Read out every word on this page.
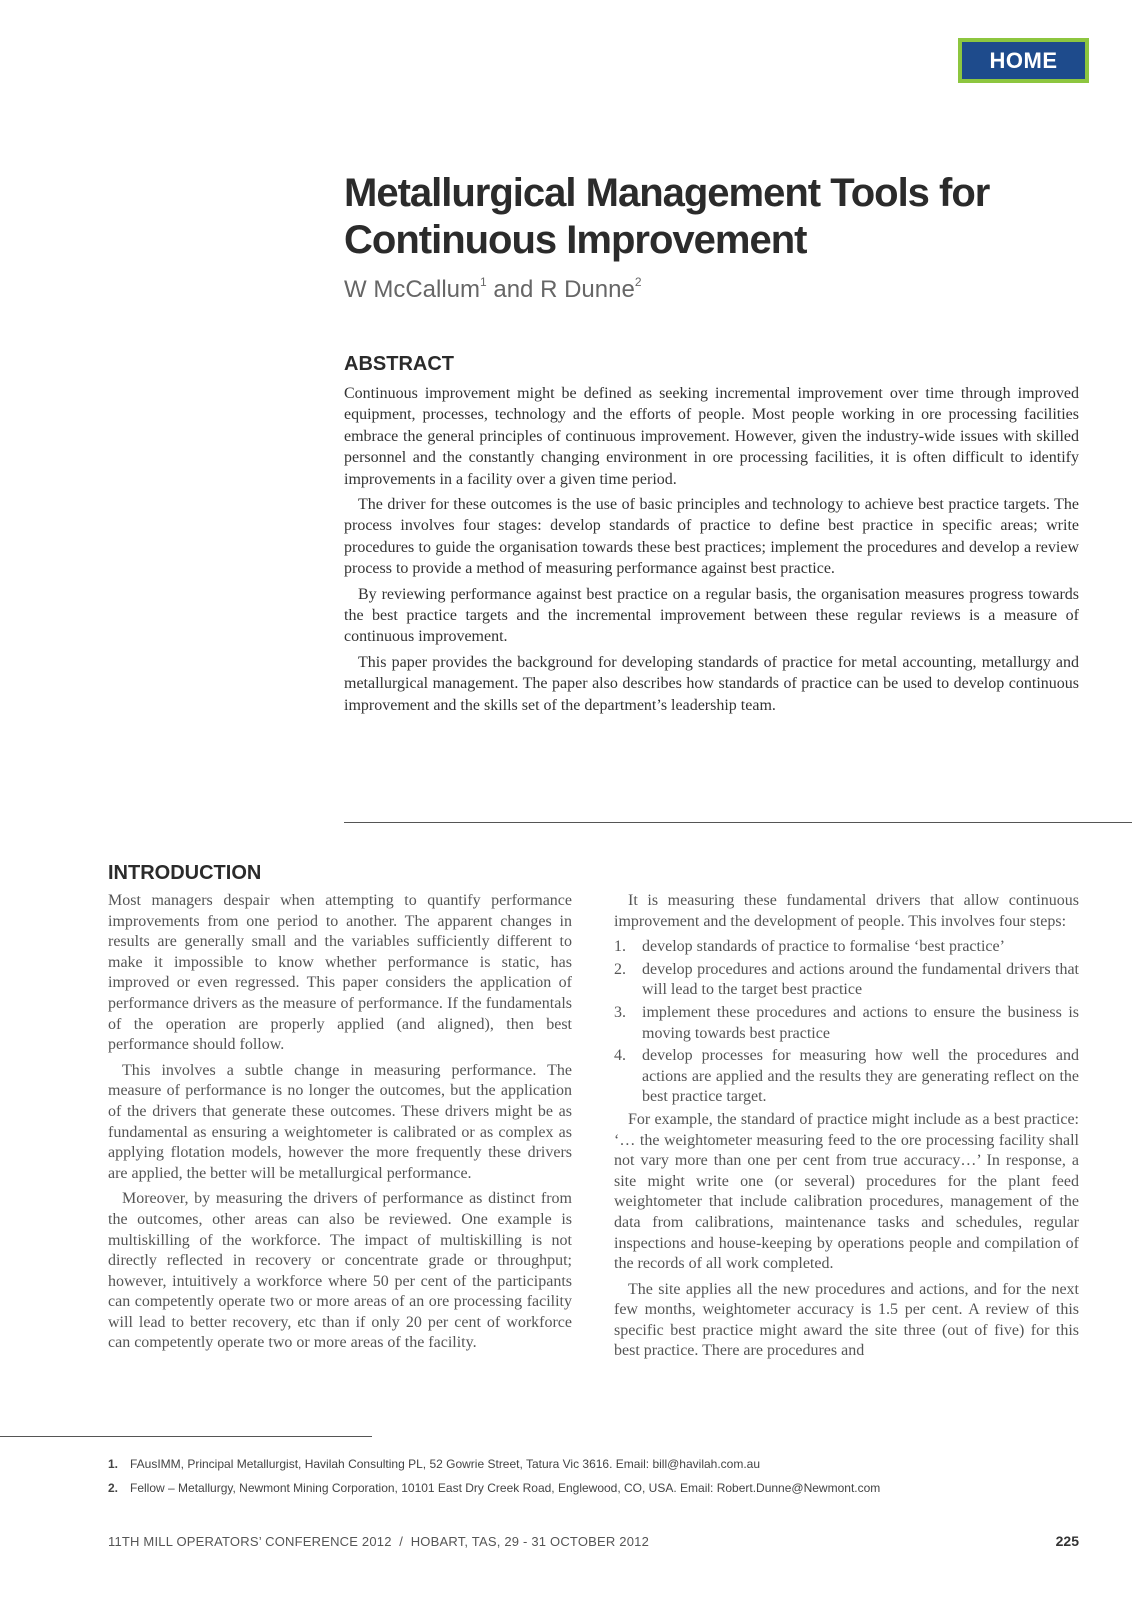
HOME
Metallurgical Management Tools for Continuous Improvement
W McCallum$^1$ and R Dunne$^2$
ABSTRACT

Continuous improvement might be defined as seeking incremental improvement over time through improved equipment, processes, technology and the efforts of people. Most people working in ore processing facilities embrace the general principles of continuous improvement. However, given the industry-wide issues with skilled personnel and the constantly changing environment in ore processing facilities, it is often difficult to identify improvements in a facility over a given time period.

The driver for these outcomes is the use of basic principles and technology to achieve best practice targets. The process involves four stages: develop standards of practice to define best practice in specific areas; write procedures to guide the organisation towards these best practices; implement the procedures and develop a review process to provide a method of measuring performance against best practice.

By reviewing performance against best practice on a regular basis, the organisation measures progress towards the best practice targets and the incremental improvement between these regular reviews is a measure of continuous improvement.

This paper provides the background for developing standards of practice for metal accounting, metallurgy and metallurgical management. The paper also describes how standards of practice can be used to develop continuous improvement and the skills set of the department’s leadership team.

INTRODUCTION

Most managers despair when attempting to quantify performance improvements from one period to another. The apparent changes in results are generally small and the variables sufficiently different to make it impossible to know whether performance is static, has improved or even regressed. This paper considers the application of performance drivers as the measure of performance. If the fundamentals of the operation are properly applied (and aligned), then best performance should follow.

This involves a subtle change in measuring performance. The measure of performance is no longer the outcomes, but the application of the drivers that generate these outcomes. These drivers might be as fundamental as ensuring a weightometer is calibrated or as complex as applying flotation models, however the more frequently these drivers are applied, the better will be metallurgical performance.

Moreover, by measuring the drivers of performance as distinct from the outcomes, other areas can also be reviewed. One example is multiskilling of the workforce. The impact of multiskilling is not directly reflected in recovery or concentrate grade or throughput; however, intuitively a workforce where 50 per cent of the participants can competently operate two or more areas of an ore processing facility will lead to better recovery, etc than if only 20 per cent of workforce can competently operate two or more areas of the facility.

It is measuring these fundamental drivers that allow continuous improvement and the development of people. This involves four steps:

1. develop standards of practice to formalise ‘best practice’
2. develop procedures and actions around the fundamental drivers that will lead to the target best practice
3. implement these procedures and actions to ensure the business is moving towards best practice
4. develop processes for measuring how well the procedures and actions are applied and the results they are generating reflect on the best practice target.

For example, the standard of practice might include as a best practice: ‘… the weightometer measuring feed to the ore processing facility shall not vary more than one per cent from true accuracy…’ In response, a site might write one (or several) procedures for the plant feed weightometer that include calibration procedures, management of the data from calibrations, maintenance tasks and schedules, regular inspections and house-keeping by operations people and compilation of the records of all work completed.

The site applies all the new procedures and actions, and for the next few months, weightometer accuracy is 1.5 per cent. A review of this specific best practice might award the site three (out of five) for this best practice. There are procedures and

1. FAusIMM, Principal Metallurgist, Havilah Consulting PL, 52 Gowrie Street, Tatura Vic 3616. Email: bill@havilah.com.au
2. Fellow – Metallurgy, Newmont Mining Corporation, 10101 East Dry Creek Road, Englewood, CO, USA. Email: Robert.Dunne@Newmont.com
11TH MILL OPERATORS’ CONFERENCE 2012  /  HOBART, TAS, 29 - 31 OCTOBER 2012	225
